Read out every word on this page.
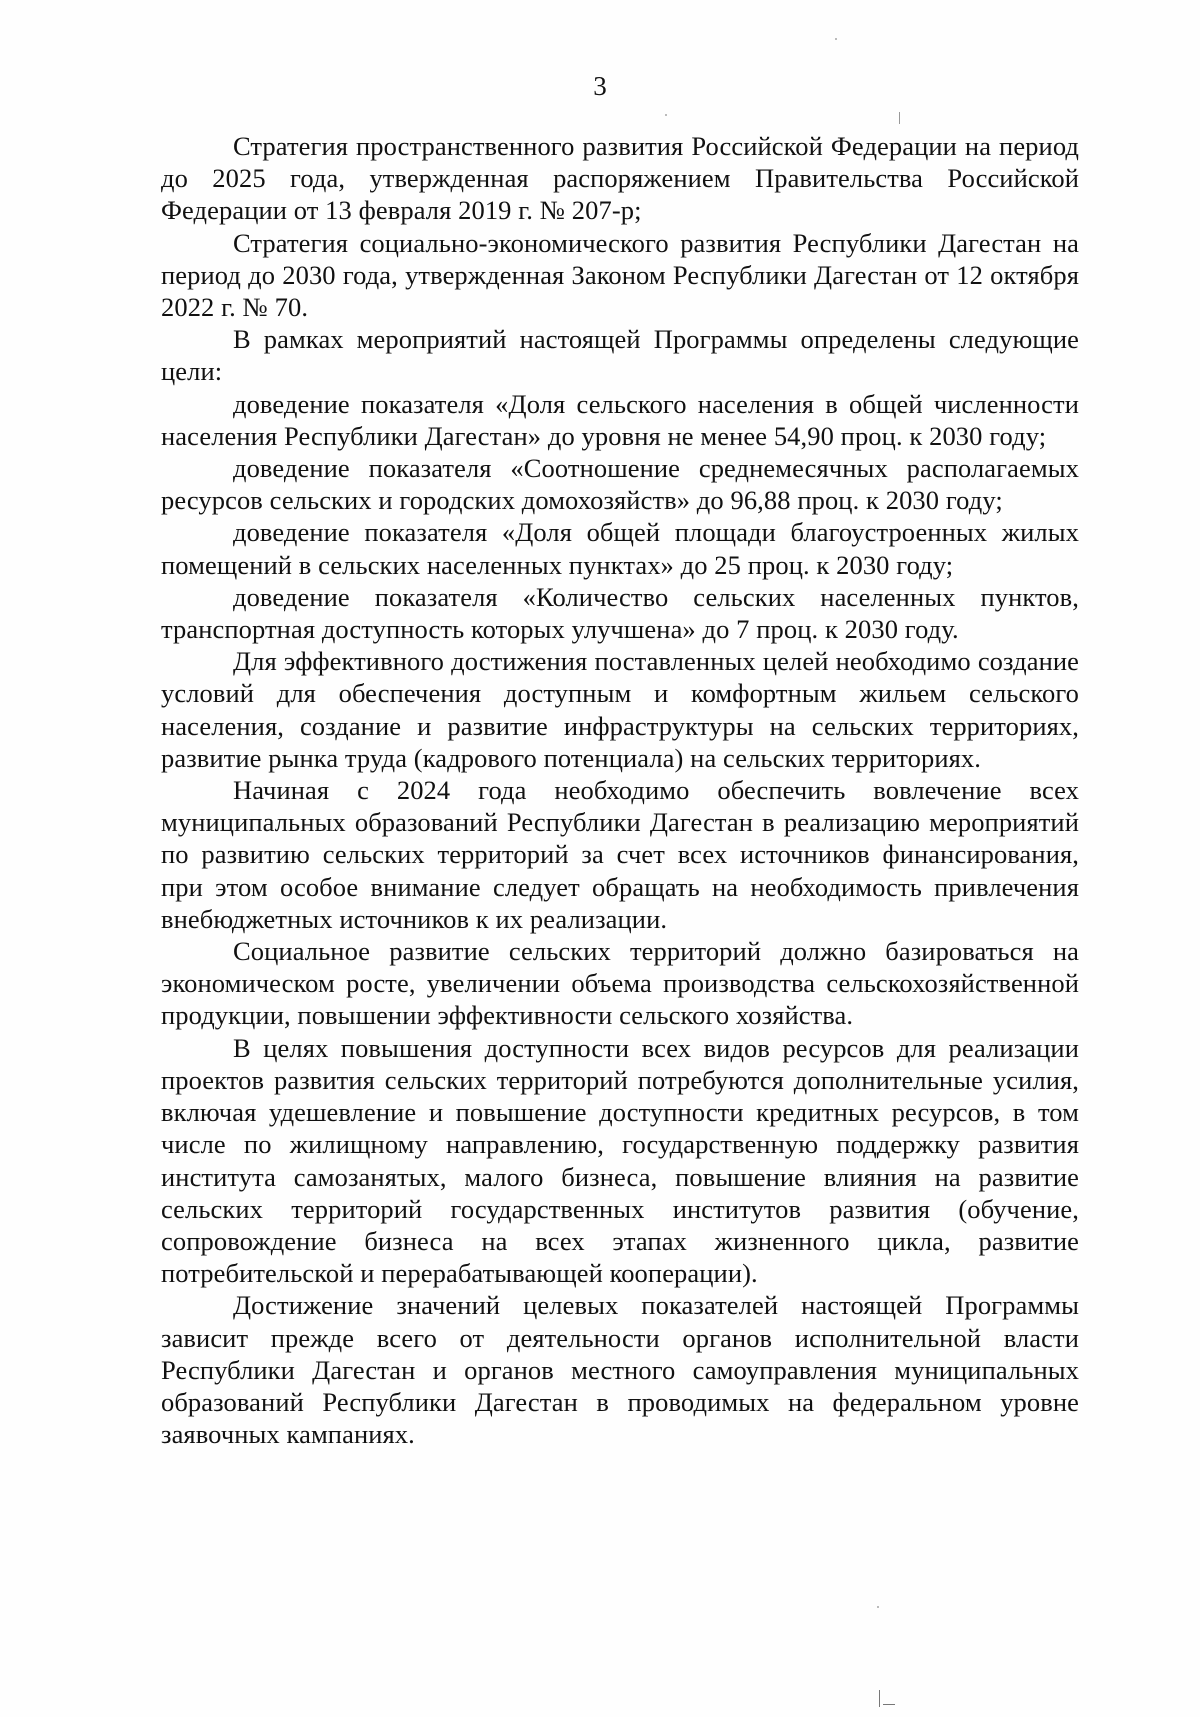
3

Стратегия пространственного развития Российской Федерации на период до 2025 года, утвержденная распоряжением Правительства Российской Федерации от 13 февраля 2019 г. № 207-р;

Стратегия социально-экономического развития Республики Дагестан на период до 2030 года, утвержденная Законом Республики Дагестан от 12 октября 2022 г. № 70.

В рамках мероприятий настоящей Программы определены следующие цели:

доведение показателя «Доля сельского населения в общей численности населения Республики Дагестан» до уровня не менее 54,90 проц. к 2030 году;

доведение показателя «Соотношение среднемесячных располагаемых ресурсов сельских и городских домохозяйств» до 96,88 проц. к 2030 году;

доведение показателя «Доля общей площади благоустроенных жилых помещений в сельских населенных пунктах» до 25 проц. к 2030 году;

доведение показателя «Количество сельских населенных пунктов, транспортная доступность которых улучшена» до 7 проц. к 2030 году.

Для эффективного достижения поставленных целей необходимо создание условий для обеспечения доступным и комфортным жильем сельского населения, создание и развитие инфраструктуры на сельских территориях, развитие рынка труда (кадрового потенциала) на сельских территориях.

Начиная с 2024 года необходимо обеспечить вовлечение всех муниципальных образований Республики Дагестан в реализацию мероприятий по развитию сельских территорий за счет всех источников финансирования, при этом особое внимание следует обращать на необходимость привлечения внебюджетных источников к их реализации.

Социальное развитие сельских территорий должно базироваться на экономическом росте, увеличении объема производства сельскохозяйственной продукции, повышении эффективности сельского хозяйства.

В целях повышения доступности всех видов ресурсов для реализации проектов развития сельских территорий потребуются дополнительные усилия, включая удешевление и повышение доступности кредитных ресурсов, в том числе по жилищному направлению, государственную поддержку развития института самозанятых, малого бизнеса, повышение влияния на развитие сельских территорий государственных институтов развития (обучение, сопровождение бизнеса на всех этапах жизненного цикла, развитие потребительской и перерабатывающей кооперации).

Достижение значений целевых показателей настоящей Программы зависит прежде всего от деятельности органов исполнительной власти Республики Дагестан и органов местного самоуправления муниципальных образований Республики Дагестан в проводимых на федеральном уровне заявочных кампаниях.
